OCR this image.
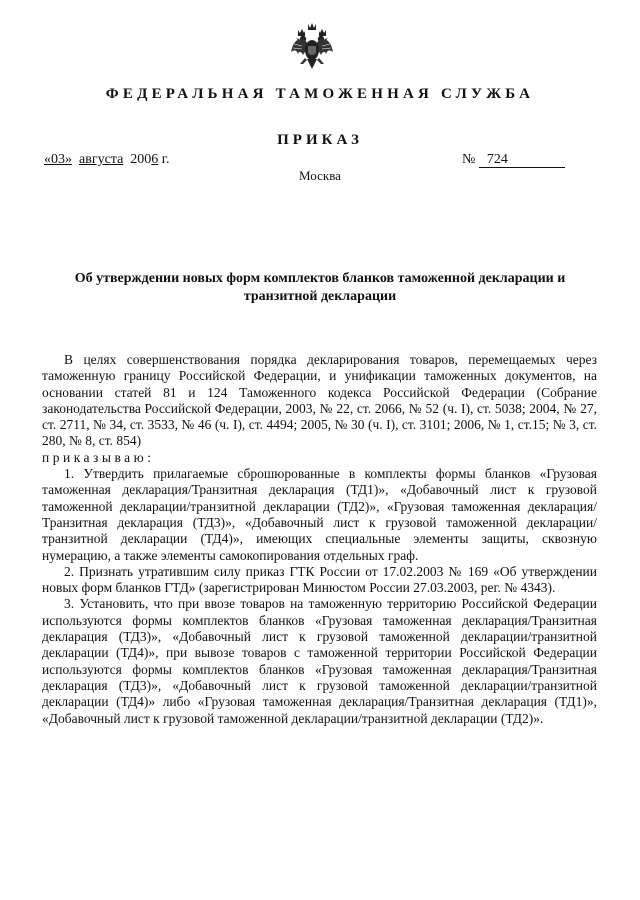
ФЕДЕРАЛЬНАЯ ТАМОЖЕННАЯ СЛУЖБА
ПРИКАЗ
«03» августа 2006 г.	№ 724
Москва
Об утверждении новых форм комплектов бланков таможенной декларации и транзитной декларации

В целях совершенствования порядка декларирования товаров, перемещаемых через таможенную границу Российской Федерации, и унификации таможенных документов, на основании статей 81 и 124 Таможенного кодекса Российской Федерации (Собрание законодательства Российской Федерации, 2003, № 22, ст. 2066, № 52 (ч. I), ст. 5038; 2004, № 27, ст. 2711, № 34, ст. 3533, № 46 (ч. I), ст. 4494; 2005, № 30 (ч. I), ст. 3101; 2006, № 1, ст.15; № 3, ст. 280, № 8, ст. 854)

приказываю:

1. Утвердить прилагаемые сброшюрованные в комплекты формы бланков «Грузовая таможенная декларация/Транзитная декларация (ТД1)», «Добавочный лист к грузовой таможенной декларации/транзитной декларации (ТД2)», «Грузовая таможенная декларация/Транзитная декларация (ТД3)», «Добавочный лист к грузовой таможенной декларации/транзитной декларации (ТД4)», имеющих специальные элементы защиты, сквозную нумерацию, а также элементы самокопирования отдельных граф.

2. Признать утратившим силу приказ ГТК России от 17.02.2003 № 169 «Об утверждении новых форм бланков ГТД» (зарегистрирован Минюстом России 27.03.2003, рег. № 4343).

3. Установить, что при ввозе товаров на таможенную территорию Российской Федерации используются формы комплектов бланков «Грузовая таможенная декларация/Транзитная декларация (ТД3)», «Добавочный лист к грузовой таможенной декларации/транзитной декларации (ТД4)», при вывозе товаров с таможенной территории Российской Федерации используются формы комплектов бланков «Грузовая таможенная декларация/Транзитная декларация (ТД3)», «Добавочный лист к грузовой таможенной декларации/транзитной декларации (ТД4)» либо «Грузовая таможенная декларация/Транзитная декларация (ТД1)», «Добавочный лист к грузовой таможенной декларации/транзитной декларации (ТД2)».
